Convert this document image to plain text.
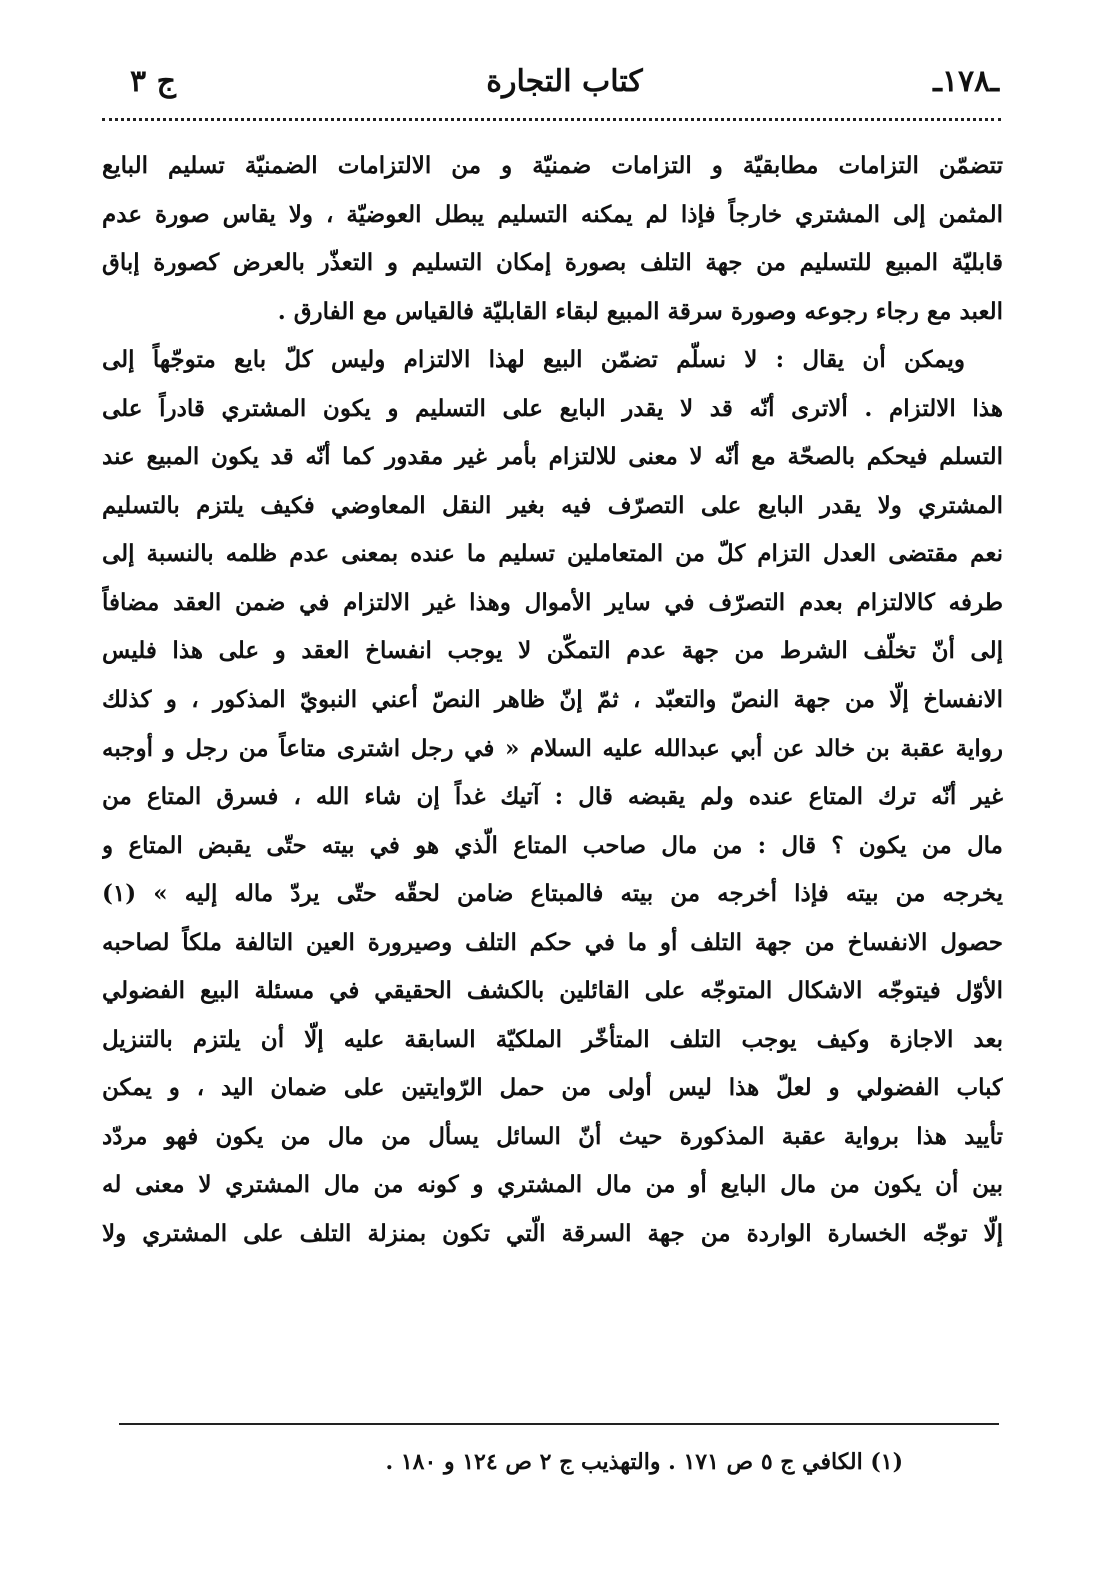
ـ١٧٨ـ
كتاب التجارة
ج ٣
تتضمّن التزامات مطابقيّة و التزامات ضمنيّة و من الالتزامات الضمنيّة تسليم البايع
المثمن إلى المشتري خارجاً فإذا لم يمكنه التسليم يبطل العوضيّة ، ولا يقاس صورة عدم
قابليّة المبيع للتسليم من جهة التلف بصورة إمكان التسليم و التعذّر بالعرض كصورة إباق
العبد مع رجاء رجوعه وصورة سرقة المبيع لبقاء القابليّة فالقياس مع الفارق .
ويمكن أن يقال : لا نسلّم تضمّن البيع لهذا الالتزام وليس كلّ بايع متوجّهاً إلى
هذا الالتزام . ألاترى أنّه قد لا يقدر البايع على التسليم و يكون المشتري قادراً على
التسلم فيحكم بالصحّة مع أنّه لا معنى للالتزام بأمر غير مقدور كما أنّه قد يكون المبيع عند
المشتري ولا يقدر البايع على التصرّف فيه بغير النقل المعاوضي فكيف يلتزم بالتسليم
نعم مقتضى العدل التزام كلّ من المتعاملين تسليم ما عنده بمعنى عدم ظلمه بالنسبة إلى
طرفه كالالتزام بعدم التصرّف في ساير الأموال وهذا غير الالتزام في ضمن العقد مضافاً
إلى أنّ تخلّف الشرط من جهة عدم التمكّن لا يوجب انفساخ العقد و على هذا فليس
الانفساخ إلّا من جهة النصّ والتعبّد ، ثمّ إنّ ظاهر النصّ أعني النبويّ المذكور ، و كذلك
رواية عقبة بن خالد عن أبي عبدالله عليه السلام « في رجل اشترى متاعاً من رجل و أوجبه
غير أنّه ترك المتاع عنده ولم يقبضه قال : آتيك غداً إن شاء الله ، فسرق المتاع من
مال من يكون ؟ قال : من مال صاحب المتاع الّذي هو في بيته حتّى يقبض المتاع و
يخرجه من بيته فإذا أخرجه من بيته فالمبتاع ضامن لحقّه حتّى يردّ ماله إليه » (١)
حصول الانفساخ من جهة التلف أو ما في حكم التلف وصيرورة العين التالفة ملكاً لصاحبه
الأوّل فيتوجّه الاشكال المتوجّه على القائلين بالكشف الحقيقي في مسئلة البيع الفضولي
بعد الاجازة وكيف يوجب التلف المتأخّر الملكيّة السابقة عليه إلّا أن يلتزم بالتنزيل
كباب الفضولي و لعلّ هذا ليس أولى من حمل الرّوايتين على ضمان اليد ، و يمكن
تأييد هذا برواية عقبة المذكورة حيث أنّ السائل يسأل من مال من يكون فهو مردّد
بين أن يكون من مال البايع أو من مال المشتري و كونه من مال المشتري لا معنى له
إلّا توجّه الخسارة الواردة من جهة السرقة الّتي تكون بمنزلة التلف على المشتري ولا
(١) الكافي ج ٥ ص ١٧١ . والتهذيب ج ٢ ص ١٢٤ و ١٨٠ .
